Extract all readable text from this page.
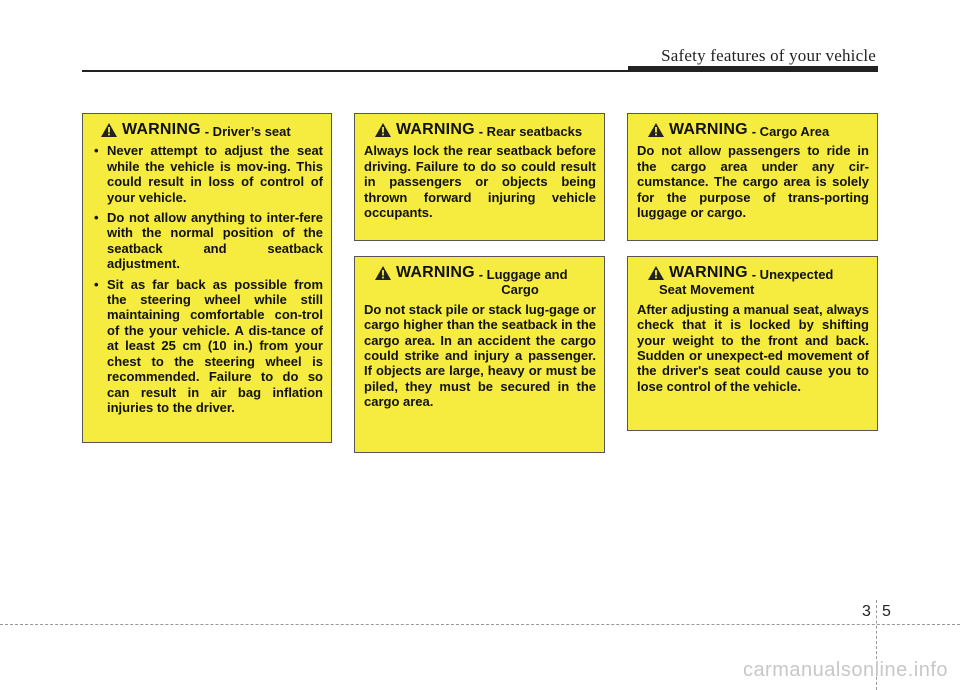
Safety features of your vehicle
WARNING - Driver’s seat
• Never attempt to adjust the seat while the vehicle is mov-ing. This could result in loss of control of your vehicle.
• Do not allow anything to inter-fere with the normal position of the seatback and seatback adjustment.
• Sit as far back as possible from the steering wheel while still maintaining comfortable con-trol of the your vehicle. A dis-tance of at least 25 cm (10 in.) from your chest to the steering wheel is recommended. Failure to do so can result in air bag inflation injuries to the driver.
WARNING - Rear seatbacks
Always lock the rear seatback before driving. Failure to do so could result in passengers or objects being thrown forward injuring vehicle occupants.
WARNING - Luggage and
Cargo
Do not stack pile or stack lug-gage or cargo higher than the seatback in the cargo area. In an accident the cargo could strike and injury a passenger. If objects are large, heavy or must be piled, they must be secured in the cargo area.
WARNING - Cargo Area
Do not allow passengers to ride in the cargo area under any cir-cumstance. The cargo area is solely for the purpose of trans-porting luggage or cargo.
WARNING - Unexpected
Seat Movement
After adjusting a manual seat, always check that it is locked by shifting your weight to the front and back. Sudden or unexpect-ed movement of the driver's seat could cause you to lose control of the vehicle.
3 5
carmanualsonline.info
